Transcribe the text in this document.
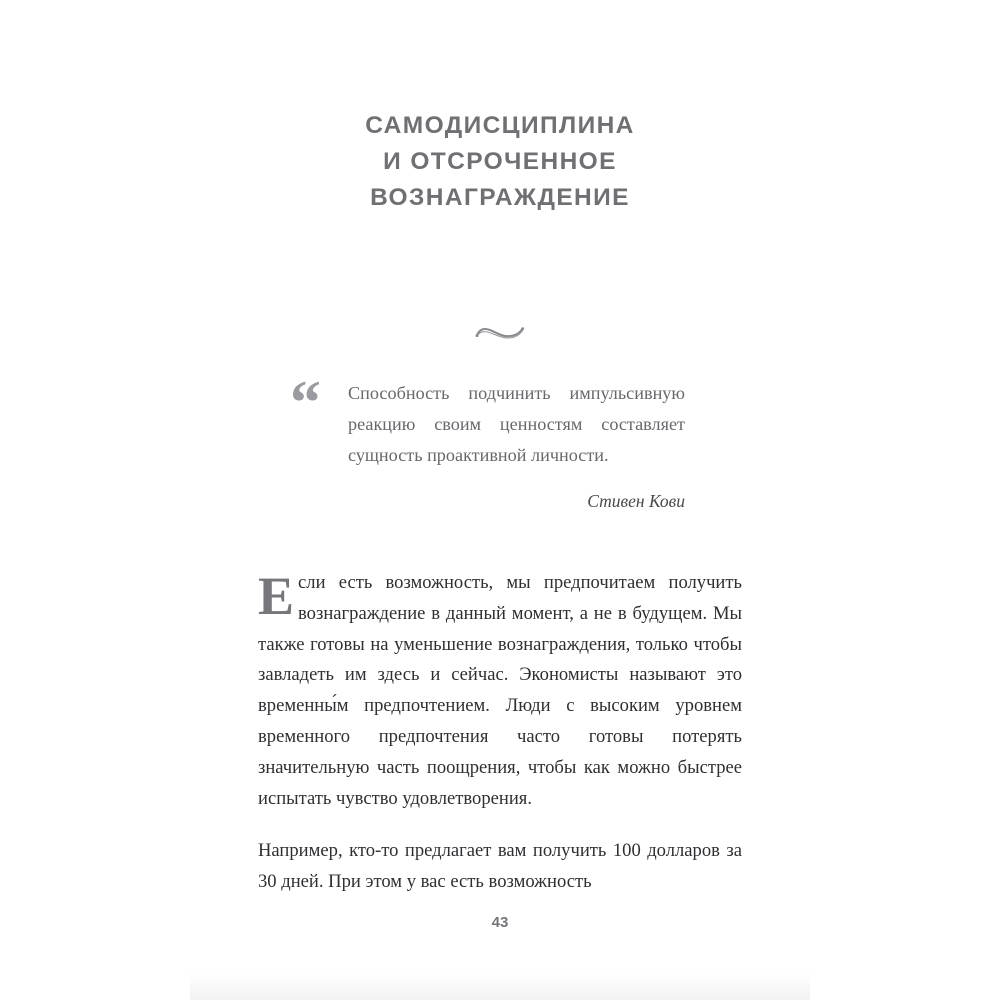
САМОДИСЦИПЛИНА
И ОТСРОЧЕННОЕ
ВОЗНАГРАЖДЕНИЕ
“ Способность подчинить импульсивную реакцию своим ценностям составляет сущность проактивной личности.
Стивен Кови

Если есть возможность, мы предпочитаем получить вознаграждение в данный момент, а не в будущем. Мы также готовы на уменьшение вознаграждения, только чтобы завладеть им здесь и сейчас. Экономисты называют это временны́м предпочтением. Люди с высоким уровнем временного предпочтения часто готовы потерять значительную часть поощрения, чтобы как можно быстрее испытать чувство удовлетворения.

Например, кто-то предлагает вам получить 100 долларов за 30 дней. При этом у вас есть возможность

43
